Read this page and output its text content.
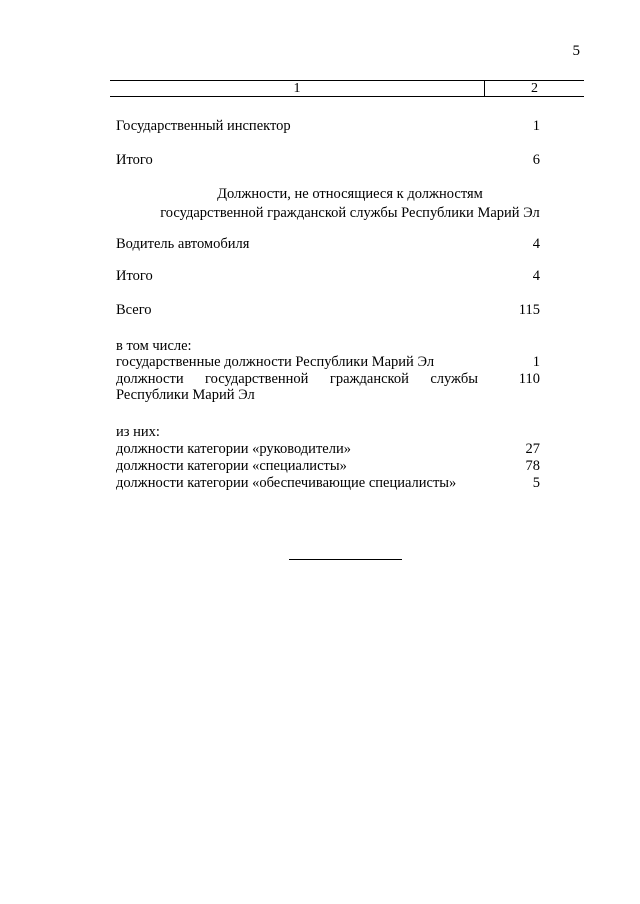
5
1	2
Государственный инспектор	1
Итого	6
Должности, не относящиеся к должностям
государственной гражданской службы Республики Марий Эл
Водитель автомобиля	4
Итого	4
Всего	115
в том числе:
государственные должности Республики Марий Эл	1
должности государственной гражданской службы	110
Республики Марий Эл
из них:
должности категории «руководители»	27
должности категории «специалисты»	78
должности категории «обеспечивающие специалисты»	5
